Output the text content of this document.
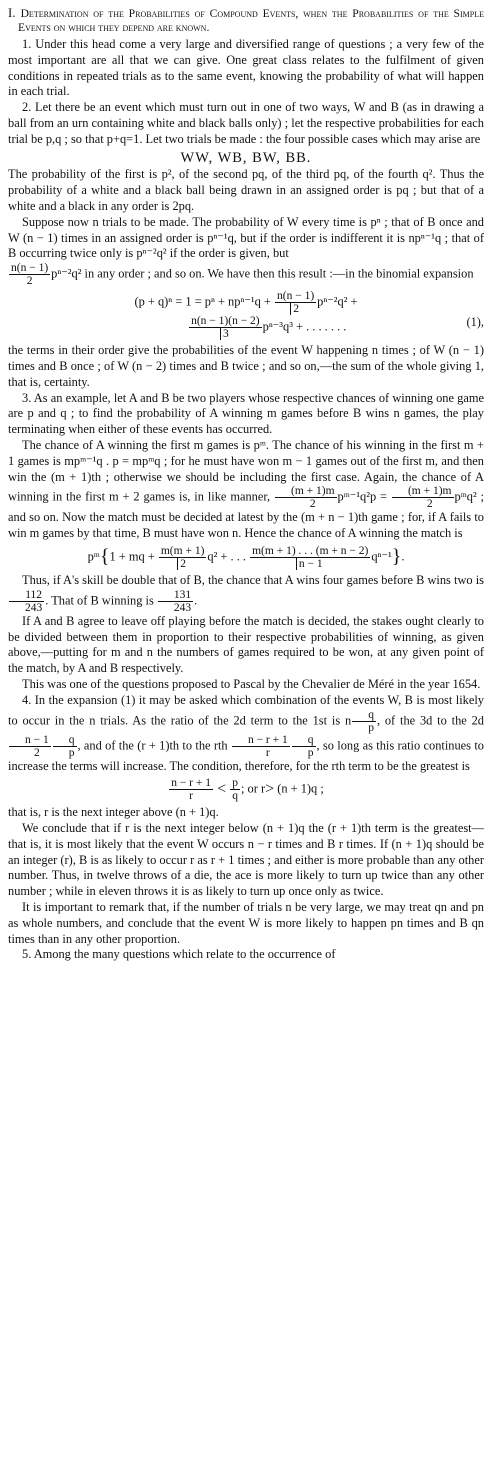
I. Determination of the Probabilities of Compound Events, when the Probabilities of the Simple Events on which they depend are known.

1. Under this head come a very large and diversified range of questions ; a very few of the most important are all that we can give. One great class relates to the fulfilment of given conditions in repeated trials as to the same event, knowing the probability of what will happen in each trial.

2. Let there be an event which must turn out in one of two ways, W and B (as in drawing a ball from an urn containing white and black balls only) ; let the respective probabilities for each trial be p,q ; so that p+q=1. Let two trials be made : the four possible cases which may arise are

WW, WB, BW, BB.

The probability of the first is p², of the second pq, of the third pq, of the fourth q². Thus the probability of a white and a black ball being drawn in an assigned order is pq ; but that of a white and a black in any order is 2pq.

Suppose now n trials to be made. The probability of W every time is pⁿ ; that of B once and W (n − 1) times in an assigned order is pⁿ⁻¹q, but if the order is indifferent it is npⁿ⁻¹q ; that of B occurring twice only is pⁿ⁻²q² if the order is given, but

$\frac{n(n - 1)}{2} p^{n-2}q^2$ in any order ; and so on. We have then this result :—in the binomial expansion

$(p + q)^n = 1 = p^n + np^{n-1}q + \frac{n(n - 1)}{2} p^{n-2}q^2$ +
$\frac{n(n - 1)(n - 2)}{3} p^{n-3}q^3$ + . . . . . . .	(1),

the terms in their order give the probabilities of the event W happening n times ; of W (n − 1) times and B once ; of W (n − 2) times and B twice ; and so on,—the sum of the whole giving 1, that is, certainty.

3. As an example, let A and B be two players whose respective chances of winning one game are p and q ; to find the probability of A winning m games before B wins n games, the play terminating when either of these events has occurred.

The chance of A winning the first m games is pᵐ. The chance of his winning in the first m + 1 games is mpᵐ⁻¹q . p = mpᵐq ; for he must have won m − 1 games out of the first m, and then win the (m + 1)th ; otherwise we should be including the first case. Again, the chance of A winning in the first m + 2 games is, in like manner, $\frac{(m + 1)m}{2}$ pᵐ⁻¹q²p = $\frac{(m + 1)m}{2}$ pᵐq² ; and so on. Now the match must be decided at latest by the (m + n − 1)th game ; for, if A fails to win m games by that time, B must have won n. Hence the chance of A winning the match is

pᵐ{1 + mq + $\frac{m(m + 1)}{2} q^2$ + . . . $\frac{m(m + 1) . . . (m + n - 2)}{n - 1} q^{n-1}$}.

Thus, if A's skill be double that of B, the chance that A wins four games before B wins two is
$\frac{112}{243}$ . That of B winning is $\frac{131}{243}$ .

If A and B agree to leave off playing before the match is decided, the stakes ought clearly to be divided between them in proportion to their respective probabilities of winning, as given above,—putting for m and n the numbers of games required to be won, at any given point of the match, by A and B respectively.

This was one of the questions proposed to Pascal by the Chevalier de Méré in the year 1654.

4. In the expansion (1) it may be asked which combination of the events W, B is most likely to occur in the n trials. As the ratio of the 2d term to the 1st is n $\frac{q}{p}$ , of the 3d to the 2d
$\frac{n - 1}{2} \frac{q}{p}$ , and of the (r + 1)th to the rth $\frac{n - r + 1}{r} \frac{q}{p}$ , so long as this ratio continues to increase the terms will increase. The condition, therefore, for the rth term to be the greatest is

$\frac{n - r + 1}{r} < \frac{p}{q}$ ; or r> (n + 1)q ;

that is, r is the next integer above (n + 1)q.

We conclude that if r is the next integer below (n + 1)q the (r + 1)th term is the greatest—that is, it is most likely that the event W occurs n − r times and B r times. If (n + 1)q should be an integer (r), B is as likely to occur r as r + 1 times ; and either is more probable than any other number. Thus, in twelve throws of a die, the ace is more likely to turn up twice than any other number ; while in eleven throws it is as likely to turn up once only as twice.

It is important to remark that, if the number of trials n be very large, we may treat qn and pn as whole numbers, and conclude that the event W is more likely to happen pn times and B qn times than in any other proportion.

5. Among the many questions which relate to the occurrence of
